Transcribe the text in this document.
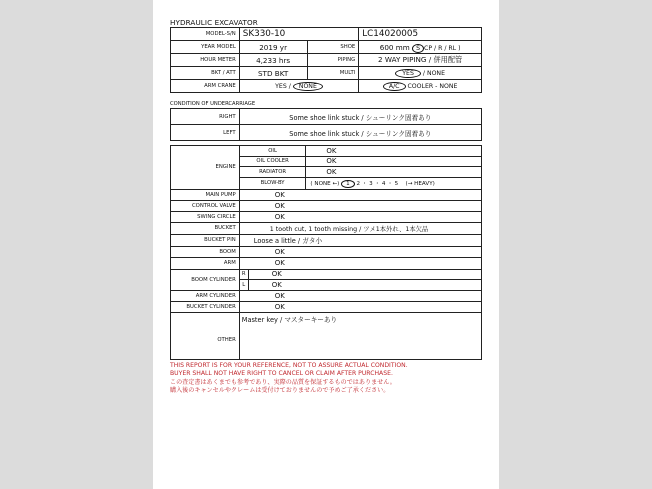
HYDRAULIC EXCAVATOR
MODEL-S/N	SK330-10		LC14020005
YEAR MODEL	2019 yr	SHOE	600 mm S CP / R / RL )
HOUR METER	4,233 hrs	PIPING	2 WAY PIPING / 併用配管
BKT / ATT	STD BKT	MULTI	YES / NONE
ARM CRANE	YES / NONE		A/C COOLER - NONE
CONDITION OF UNDERCARRIAGE
RIGHT	Some shoe link stuck / シューリンク固着あり
LEFT	Some shoe link stuck / シューリンク固着あり
ENGINE	OIL		OK
	OIL COOLER		OK
	RADIATOR		OK
	BLOW-BY		( NONE ←) 1 2 ・ 3 ・ 4 ・ 5 　(→ HEAVY)
MAIN PUMP	OK		
CONTROL VALVE	OK		
SWING CIRCLE	OK		
BUCKET	1 tooth cut, 1 tooth missing / ツメ1本外れ、1本欠品		
BUCKET PIN	Loose a little / ガタ小		
BOOM	OK		
ARM	OK		
BOOM CYLINDER	R	OK	
	L	OK	
ARM CYLINDER	OK		
BUCKET CYLINDER	OK		
OTHER	Master key / マスターキーあり		
THIS REPORT IS FOR YOUR REFERENCE, NOT TO ASSURE ACTUAL CONDITION.
BUYER SHALL NOT HAVE RIGHT TO CANCEL OR CLAIM AFTER PURCHASE.
この査定書はあくまでも参考であり、実際の品質を保証するものではありません。
購入後のキャンセルやクレームは受付けておりませんので予めご了承ください。
